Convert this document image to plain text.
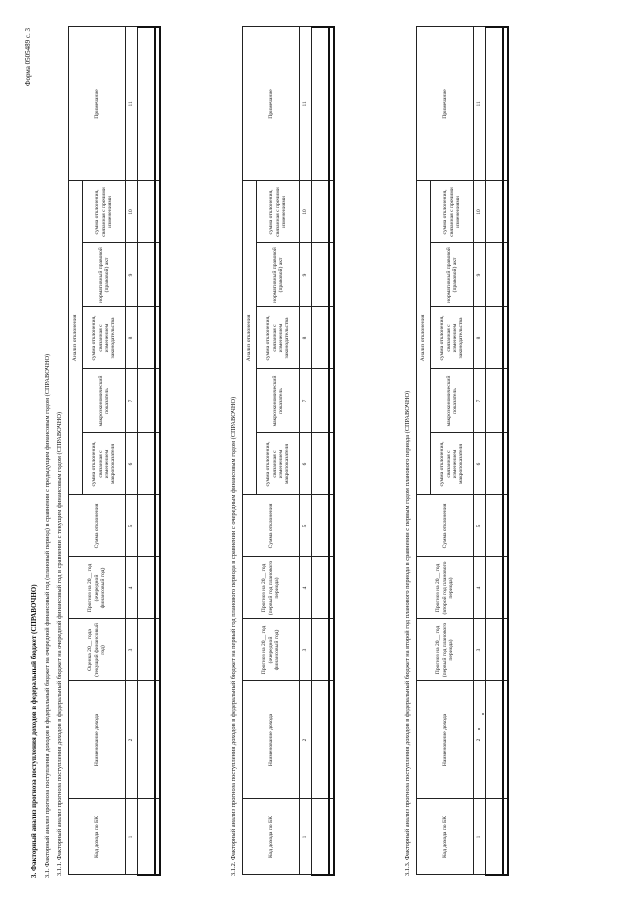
Форма 0505489 с. 3
3. Факторный анализ прогноза поступления доходов в федеральный бюджет (СПРАВОЧНО) 3.1. Факторный анализ прогноза поступления доходов в федеральный бюджет на очередной финансовый год (плановый период) в сравнении с предыдущим финансовым годом (СПРАВОЧНО) 3.1.1. Факторный анализ прогноза поступления доходов в федеральный бюджет на очередной финансовый год в сравнении с текущим финансовым годом (СПРАВОЧНО)	Код дохода по БК	Наименование дохода	Оценка 20__ года (текущий финансовый год)	Прогноз на 20__ год (очередной финансовый год)	Сумма отклонения	Анализ отклонения					Примечание
					сумма отклонения, связанная с изменением макропоказателя	макроэкономический показатель	сумма отклонения, связанная с изменением законодательства	нормативный правовой (правовой) акт	сумма отклонения, связанная с прочими изменениями	
1	2	3	4	5	6	7	8	9	10	11

3.1.2. Факторный анализ прогноза поступления доходов в федеральный бюджет на первый год планового периода в сравнении с очередным финансовым годом (СПРАВОЧНО)	Код дохода по БК	Наименование дохода	Прогноз на 20__ год (очередной финансовый год)	Прогноз на 20__ год (первый год планового периода)	Сумма отклонения	Анализ отклонения					Примечание
					сумма отклонения, связанная с изменением макропоказателя	макроэкономический показатель	сумма отклонения, связанная с изменением законодательства	нормативный правовой (правовой) акт	сумма отклонения, связанная с прочими изменениями	
1	2	3	4	5	6	7	8	9	10	11

3.1.3. Факторный анализ прогноза поступления доходов в федеральный бюджет на второй год планового периода в сравнении с первым годом планового периода (СПРАВОЧНО)	Код дохода по БК	Наименование дохода	Прогноз на 20__ год (первый год планового периода)	Прогноз на 20__ год (второй год планового периода)	Сумма отклонения	Анализ отклонения					Примечание
					сумма отклонения, связанная с изменением макропоказателя	макроэкономический показатель	сумма отклонения, связанная с изменением законодательства	нормативный правовой (правовой) акт	сумма отклонения, связанная с прочими изменениями	
1	2	3	4	5	6	7	8	9	10	11
